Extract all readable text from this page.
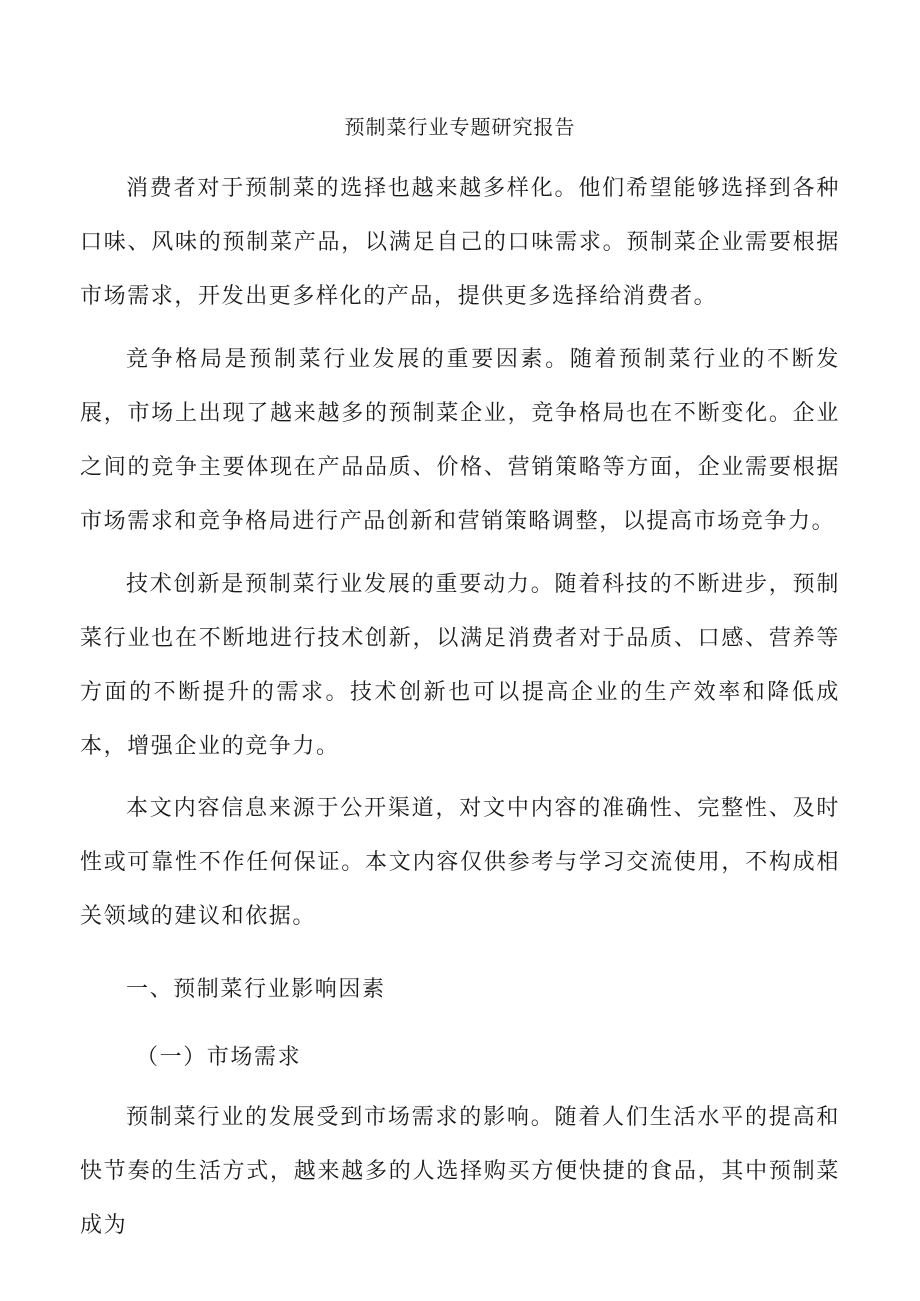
预制菜行业专题研究报告

消费者对于预制菜的选择也越来越多样化。他们希望能够选择到各种口味、风味的预制菜产品，以满足自己的口味需求。预制菜企业需要根据市场需求，开发出更多样化的产品，提供更多选择给消费者。

竞争格局是预制菜行业发展的重要因素。随着预制菜行业的不断发展，市场上出现了越来越多的预制菜企业，竞争格局也在不断变化。企业之间的竞争主要体现在产品品质、价格、营销策略等方面，企业需要根据市场需求和竞争格局进行产品创新和营销策略调整，以提高市场竞争力。

技术创新是预制菜行业发展的重要动力。随着科技的不断进步，预制菜行业也在不断地进行技术创新，以满足消费者对于品质、口感、营养等方面的不断提升的需求。技术创新也可以提高企业的生产效率和降低成本，增强企业的竞争力。

本文内容信息来源于公开渠道，对文中内容的准确性、完整性、及时性或可靠性不作任何保证。本文内容仅供参考与学习交流使用，不构成相关领域的建议和依据。

一、预制菜行业影响因素
（一）市场需求

预制菜行业的发展受到市场需求的影响。随着人们生活水平的提高和快节奏的生活方式，越来越多的人选择购买方便快捷的食品，其中预制菜成为
